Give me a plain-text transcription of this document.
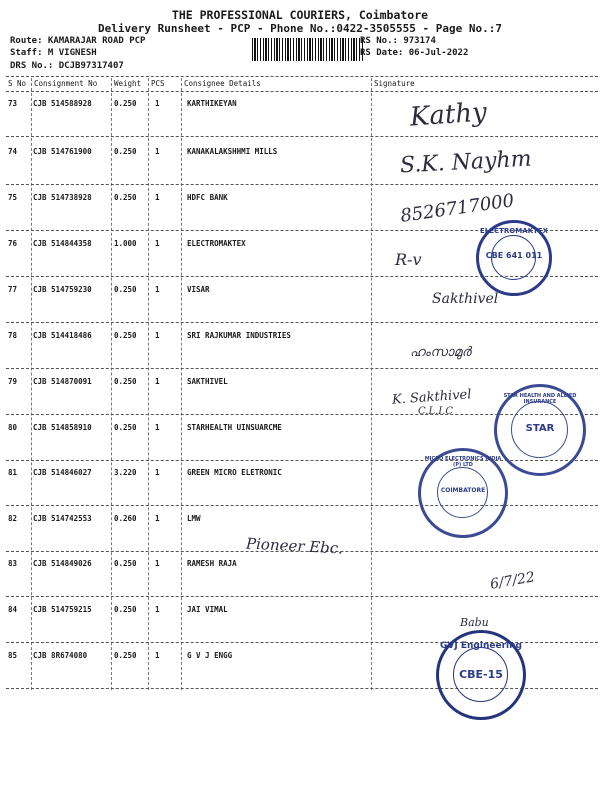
THE PROFESSIONAL COURIERS, Coimbatore
Delivery Runsheet - PCP - Phone No.:0422-3505555 - Page No.:7
Route: KAMARAJAR ROAD PCP
Staff: M VIGNESH
DRS No.: DCJB97317407
RS No.: 973174
RS Date: 06-Jul-2022
S No Consignment No Weight PCS	Consignee Details	Signature
73 CJB 514588928	0.250 1	KARTHIKEYAN
74 CJB 514761900	0.250 1	KANAKALAKSHHMI MILLS
75 CJB 514738928	0.250 1	HDFC BANK
76 CJB 514844358	1.000 1	ELECTROMAKTEX
77 CJB 514759230	0.250 1	VISAR
78 CJB 514418486	0.250 1	SRI RAJKUMAR INDUSTRIES
79 CJB 514870091	0.250 1	SAKTHIVEL
80 CJB 514858910	0.250 1	STARHEALTH UINSUARCME
81 CJB 514846027	3.220 1	GREEN MICRO ELETRONIC
82 CJB 514742553	0.260 1	LMW
83 CJB 514849026	0.250 1	RAMESH RAJA
84 CJB 514759215	0.250 1	JAI VIMAL
85 CJB 8R674080	0.250 1	G V J ENGG
Kathy
S.K. Nayhm
8526717000
R-v
Sakthivel
ഹംസാമുർ
K. Sakthivel
C.L.I.C
Pioneer Ebc.
6/7/22
Babu
ELECTROMAKTEX
CBE 641 011
STAR HEALTH AND ALLIED INSURANCE
STAR
MICRO ELECTRONICS INDIA (P) LTD
COIMBATORE
GVJ Engineering
CBE-15
